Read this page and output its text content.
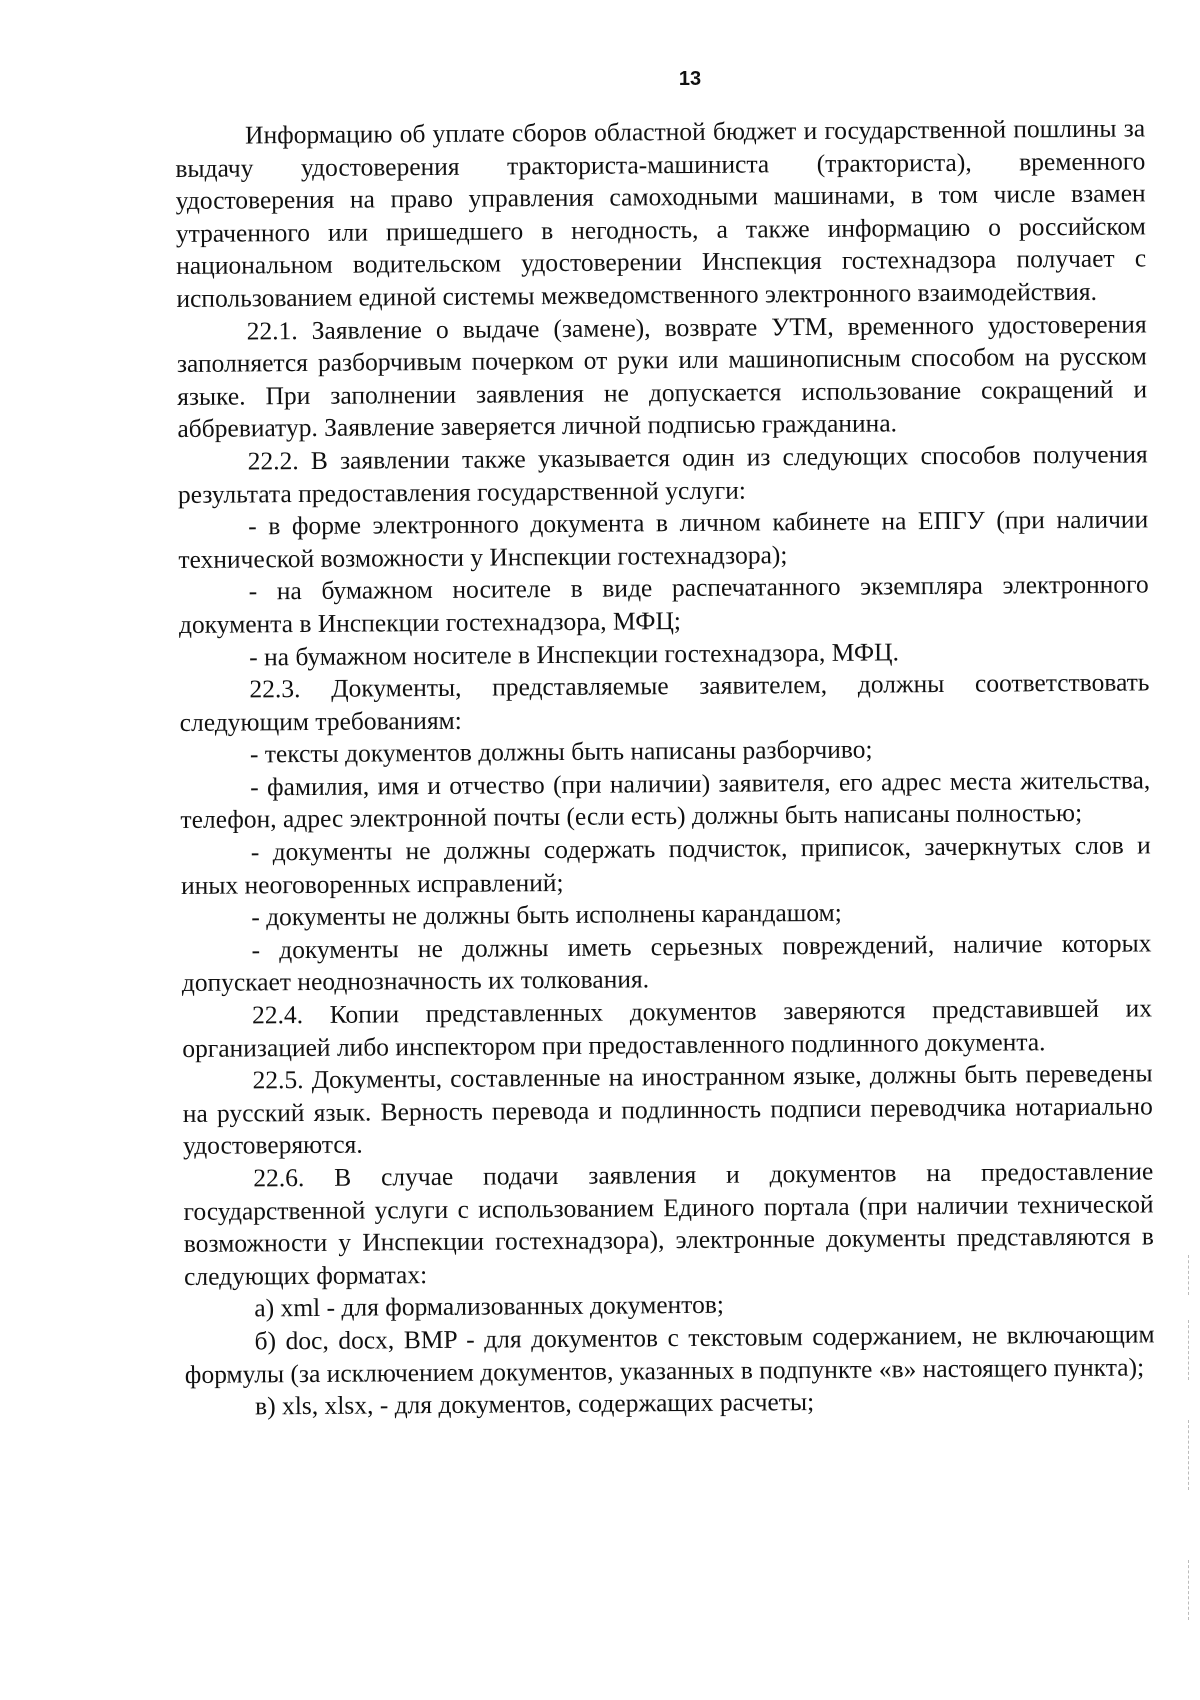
13

Информацию об уплате сборов областной бюджет и государственной пошлины за выдачу удостоверения тракториста-машиниста (тракториста), временного удостоверения на право управления самоходными машинами, в том числе взамен утраченного или пришедшего в негодность, а также информацию о российском национальном водительском удостоверении Инспекция гостехнадзора получает с использованием единой системы межведомственного электронного взаимодействия.

22.1. Заявление о выдаче (замене), возврате УТМ, временного удостоверения заполняется разборчивым почерком от руки или машинописным способом на русском языке. При заполнении заявления не допускается использование сокращений и аббревиатур. Заявление заверяется личной подписью гражданина.

22.2. В заявлении также указывается один из следующих способов получения результата предоставления государственной услуги:

- в форме электронного документа в личном кабинете на ЕПГУ (при наличии технической возможности у Инспекции гостехнадзора);

- на бумажном носителе в виде распечатанного экземпляра электронного документа в Инспекции гостехнадзора, МФЦ;

- на бумажном носителе в Инспекции гостехнадзора, МФЦ.

22.3. Документы, представляемые заявителем, должны соответствовать следующим требованиям:

- тексты документов должны быть написаны разборчиво;

- фамилия, имя и отчество (при наличии) заявителя, его адрес места жительства, телефон, адрес электронной почты (если есть) должны быть написаны полностью;

- документы не должны содержать подчисток, приписок, зачеркнутых слов и иных неоговоренных исправлений;

- документы не должны быть исполнены карандашом;

- документы не должны иметь серьезных повреждений, наличие которых допускает неоднозначность их толкования.

22.4. Копии представленных документов заверяются представившей их организацией либо инспектором при предоставленного подлинного документа.

22.5. Документы, составленные на иностранном языке, должны быть переведены на русский язык. Верность перевода и подлинность подписи переводчика нотариально удостоверяются.

22.6. В случае подачи заявления и документов на предоставление государственной услуги с использованием Единого портала (при наличии технической возможности у Инспекции гостехнадзора), электронные документы представляются в следующих форматах:

а) xml - для формализованных документов;

б) doc, docx, BMP - для документов с текстовым содержанием, не включающим формулы (за исключением документов, указанных в подпункте «в» настоящего пункта);

в) xls, xlsx, - для документов, содержащих расчеты;
